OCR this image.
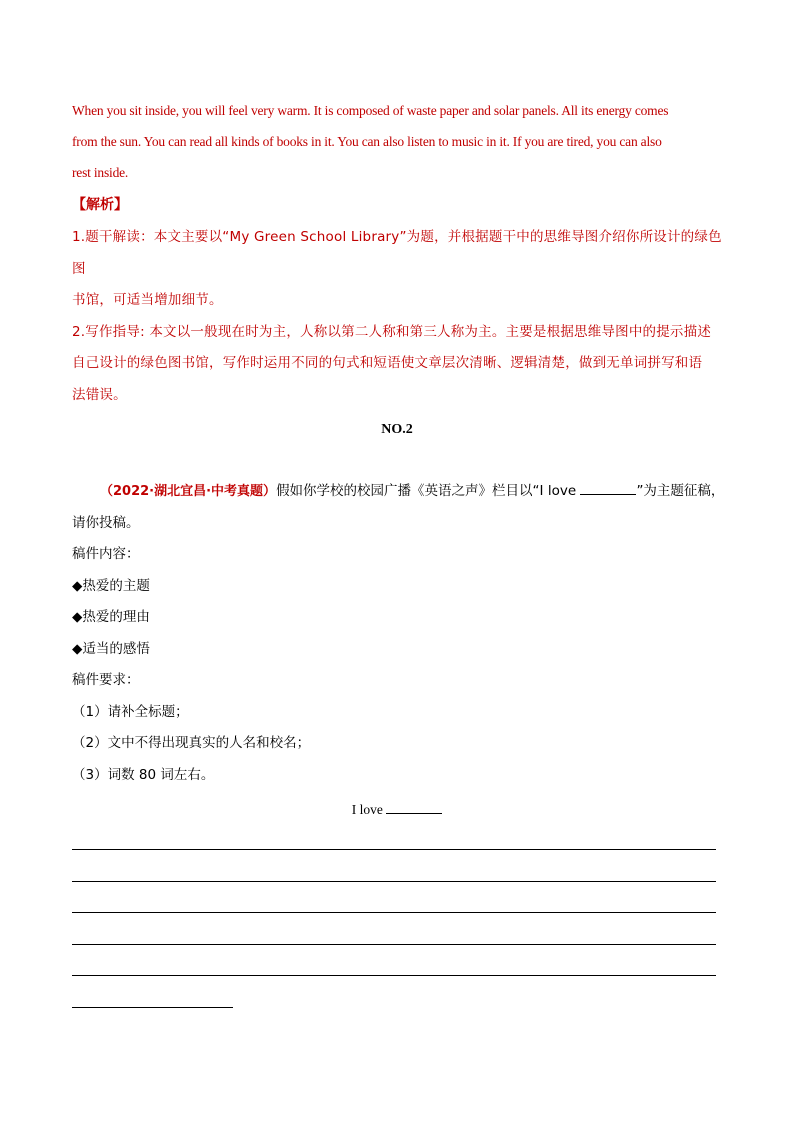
When you sit inside, you will feel very warm. It is composed of waste paper and solar panels. All its energy comes
from the sun. You can read all kinds of books in it. You can also listen to music in it. If you are tired, you can also
rest inside.
【解析】
1.题干解读：本文主要以“My Green School Library”为题，并根据题干中的思维导图介绍你所设计的绿色图
书馆，可适当增加细节。
2.写作指导: 本文以一般现在时为主，人称以第二人称和第三人称为主。主要是根据思维导图中的提示描述
自己设计的绿色图书馆，写作时运用不同的句式和短语使文章层次清晰、逻辑清楚，做到无单词拼写和语
法错误。
NO.2
（2022·湖北宜昌·中考真题）假如你学校的校园广播《英语之声》栏目以“I love	”为主题征稿，
请你投稿。
稿件内容：
◆热爱的主题
◆热爱的理由
◆适当的感悟
稿件要求：
（1）请补全标题；
（2）文中不得出现真实的人名和校名；
（3）词数 80 词左右。
I love
